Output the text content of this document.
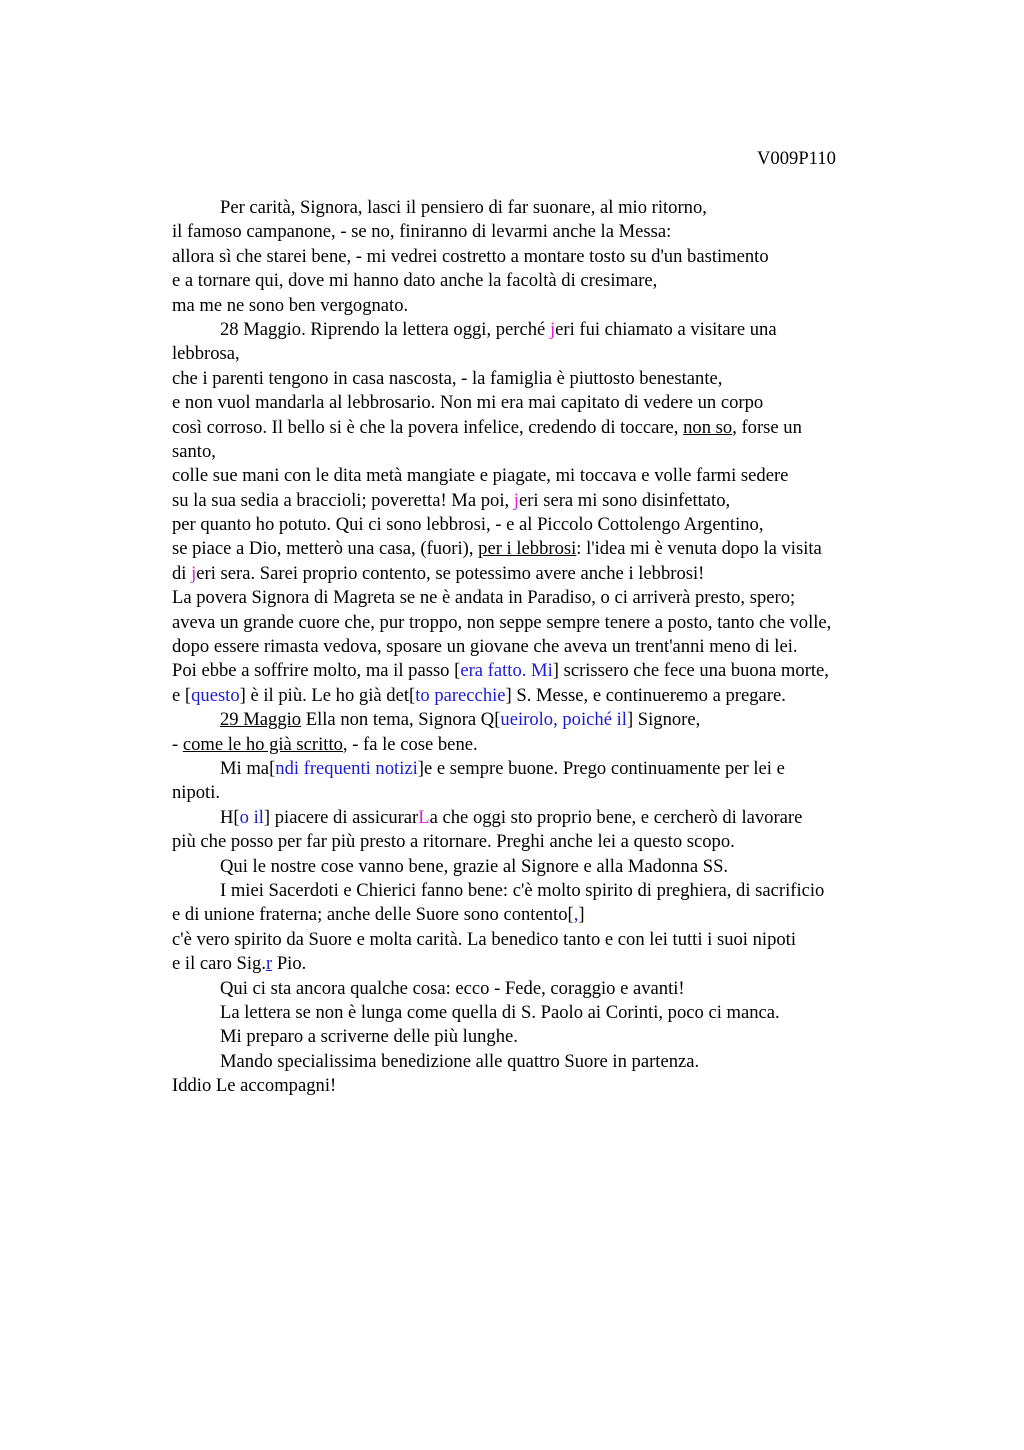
V009P110
Per carità, Signora, lasci il pensiero di far suonare, al mio ritorno,
il famoso campanone, - se no, finiranno di levarmi anche la Messa:
allora sì che starei bene, - mi vedrei costretto a montare tosto su d'un bastimento
e a tornare qui, dove mi hanno dato anche la facoltà di cresimare,
ma me ne sono ben vergognato.
28 Maggio. Riprendo la lettera oggi, perché jeri fui chiamato a visitare una
lebbrosa,
che i parenti tengono in casa nascosta, - la famiglia è piuttosto benestante,
e non vuol mandarla al lebbrosario. Non mi era mai capitato di vedere un corpo
così corroso. Il bello si è che la povera infelice, credendo di toccare, non so, forse un
santo,
colle sue mani con le dita metà mangiate e piagate, mi toccava e volle farmi sedere
su la sua sedia a braccioli; poveretta! Ma poi, jeri sera mi sono disinfettato,
per quanto ho potuto. Qui ci sono lebbrosi, - e al Piccolo Cottolengo Argentino,
se piace a Dio, metterò una casa, (fuori), per i lebbrosi: l'idea mi è venuta dopo la visita
di jeri sera. Sarei proprio contento, se potessimo avere anche i lebbrosi!
La povera Signora di Magreta se ne è andata in Paradiso, o ci arriverà presto, spero;
aveva un grande cuore che, pur troppo, non seppe sempre tenere a posto, tanto che volle,
dopo essere rimasta vedova, sposare un giovane che aveva un trent'anni meno di lei.
Poi ebbe a soffrire molto, ma il passo [era fatto. Mi] scrissero che fece una buona morte,
e [questo] è il più. Le ho già det[to parecchie] S. Messe, e continueremo a pregare.
29 Maggio Ella non tema, Signora Q[ueirolo, poiché il] Signore,
- come le ho già scritto, - fa le cose bene.
Mi ma[ndi frequenti notizi]e e sempre buone. Prego continuamente per lei e
nipoti.
H[o il] piacere di assicurarLa che oggi sto proprio bene, e cercherò di lavorare
più che posso per far più presto a ritornare. Preghi anche lei a questo scopo.
Qui le nostre cose vanno bene, grazie al Signore e alla Madonna SS.
I miei Sacerdoti e Chierici fanno bene: c'è molto spirito di preghiera, di sacrificio
e di unione fraterna; anche delle Suore sono contento[,]
c'è vero spirito da Suore e molta carità. La benedico tanto e con lei tutti i suoi nipoti
e il caro Sig.r Pio.
Qui ci sta ancora qualche cosa: ecco - Fede, coraggio e avanti!
La lettera se non è lunga come quella di S. Paolo ai Corinti, poco ci manca.
Mi preparo a scriverne delle più lunghe.
Mando specialissima benedizione alle quattro Suore in partenza.
Iddio Le accompagni!
